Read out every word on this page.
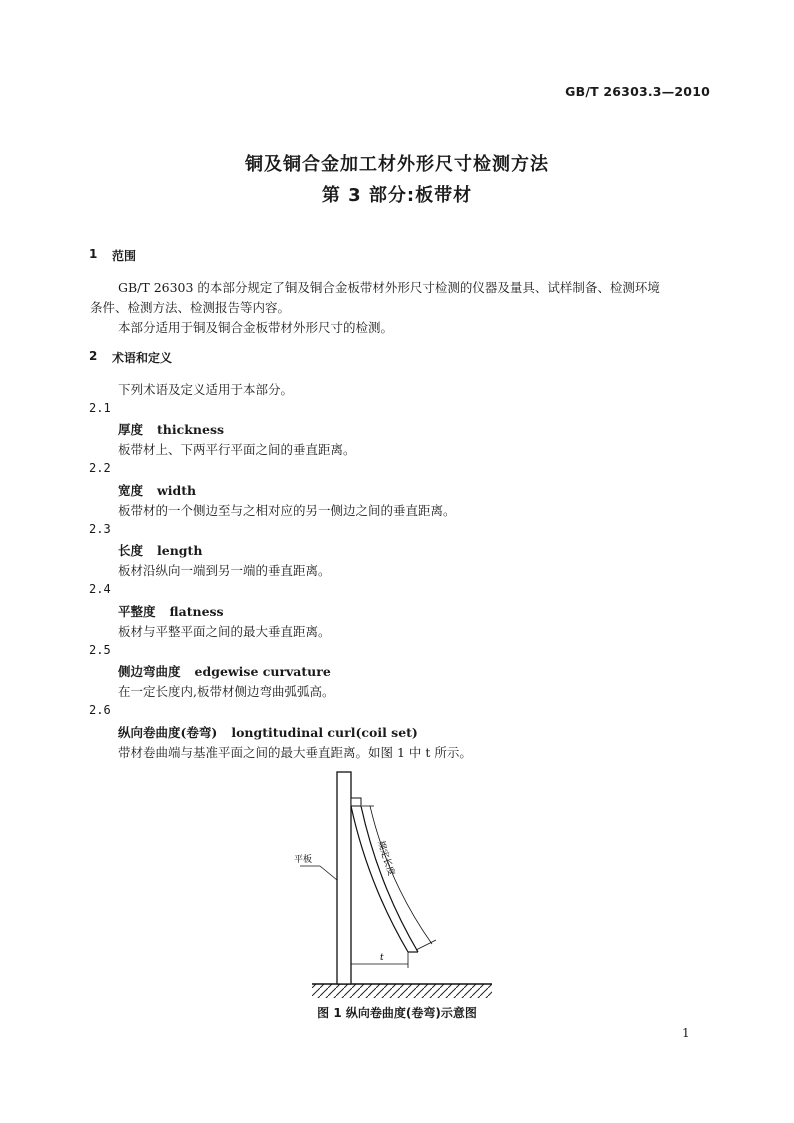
GB/T 26303.3—2010

铜及铜合金加工材外形尺寸检测方法

第 3 部分:板带材

1 范围

GB/T 26303 的本部分规定了铜及铜合金板带材外形尺寸检测的仪器及量具、试样制备、检测环境

条件、检测方法、检测报告等内容。

本部分适用于铜及铜合金板带材外形尺寸的检测。

2 术语和定义

下列术语及定义适用于本部分。

2.1

厚度 thickness

板带材上、下两平行平面之间的垂直距离。

2.2

宽度 width

板带材的一个侧边至与之相对应的另一侧边之间的垂直距离。

2.3

长度 length

板材沿纵向一端到另一端的垂直距离。

2.4

平整度 flatness

板材与平整平面之间的最大垂直距离。

2.5

侧边弯曲度 edgewise curvature

在一定长度内,板带材侧边弯曲弧弧高。

2.6

纵向卷曲度(卷弯) longtitudinal curl(coil set)

带材卷曲端与基准平面之间的最大垂直距离。如图 1 中 t 所示。

规定长度
t
平板

图 1 纵向卷曲度(卷弯)示意图

1
